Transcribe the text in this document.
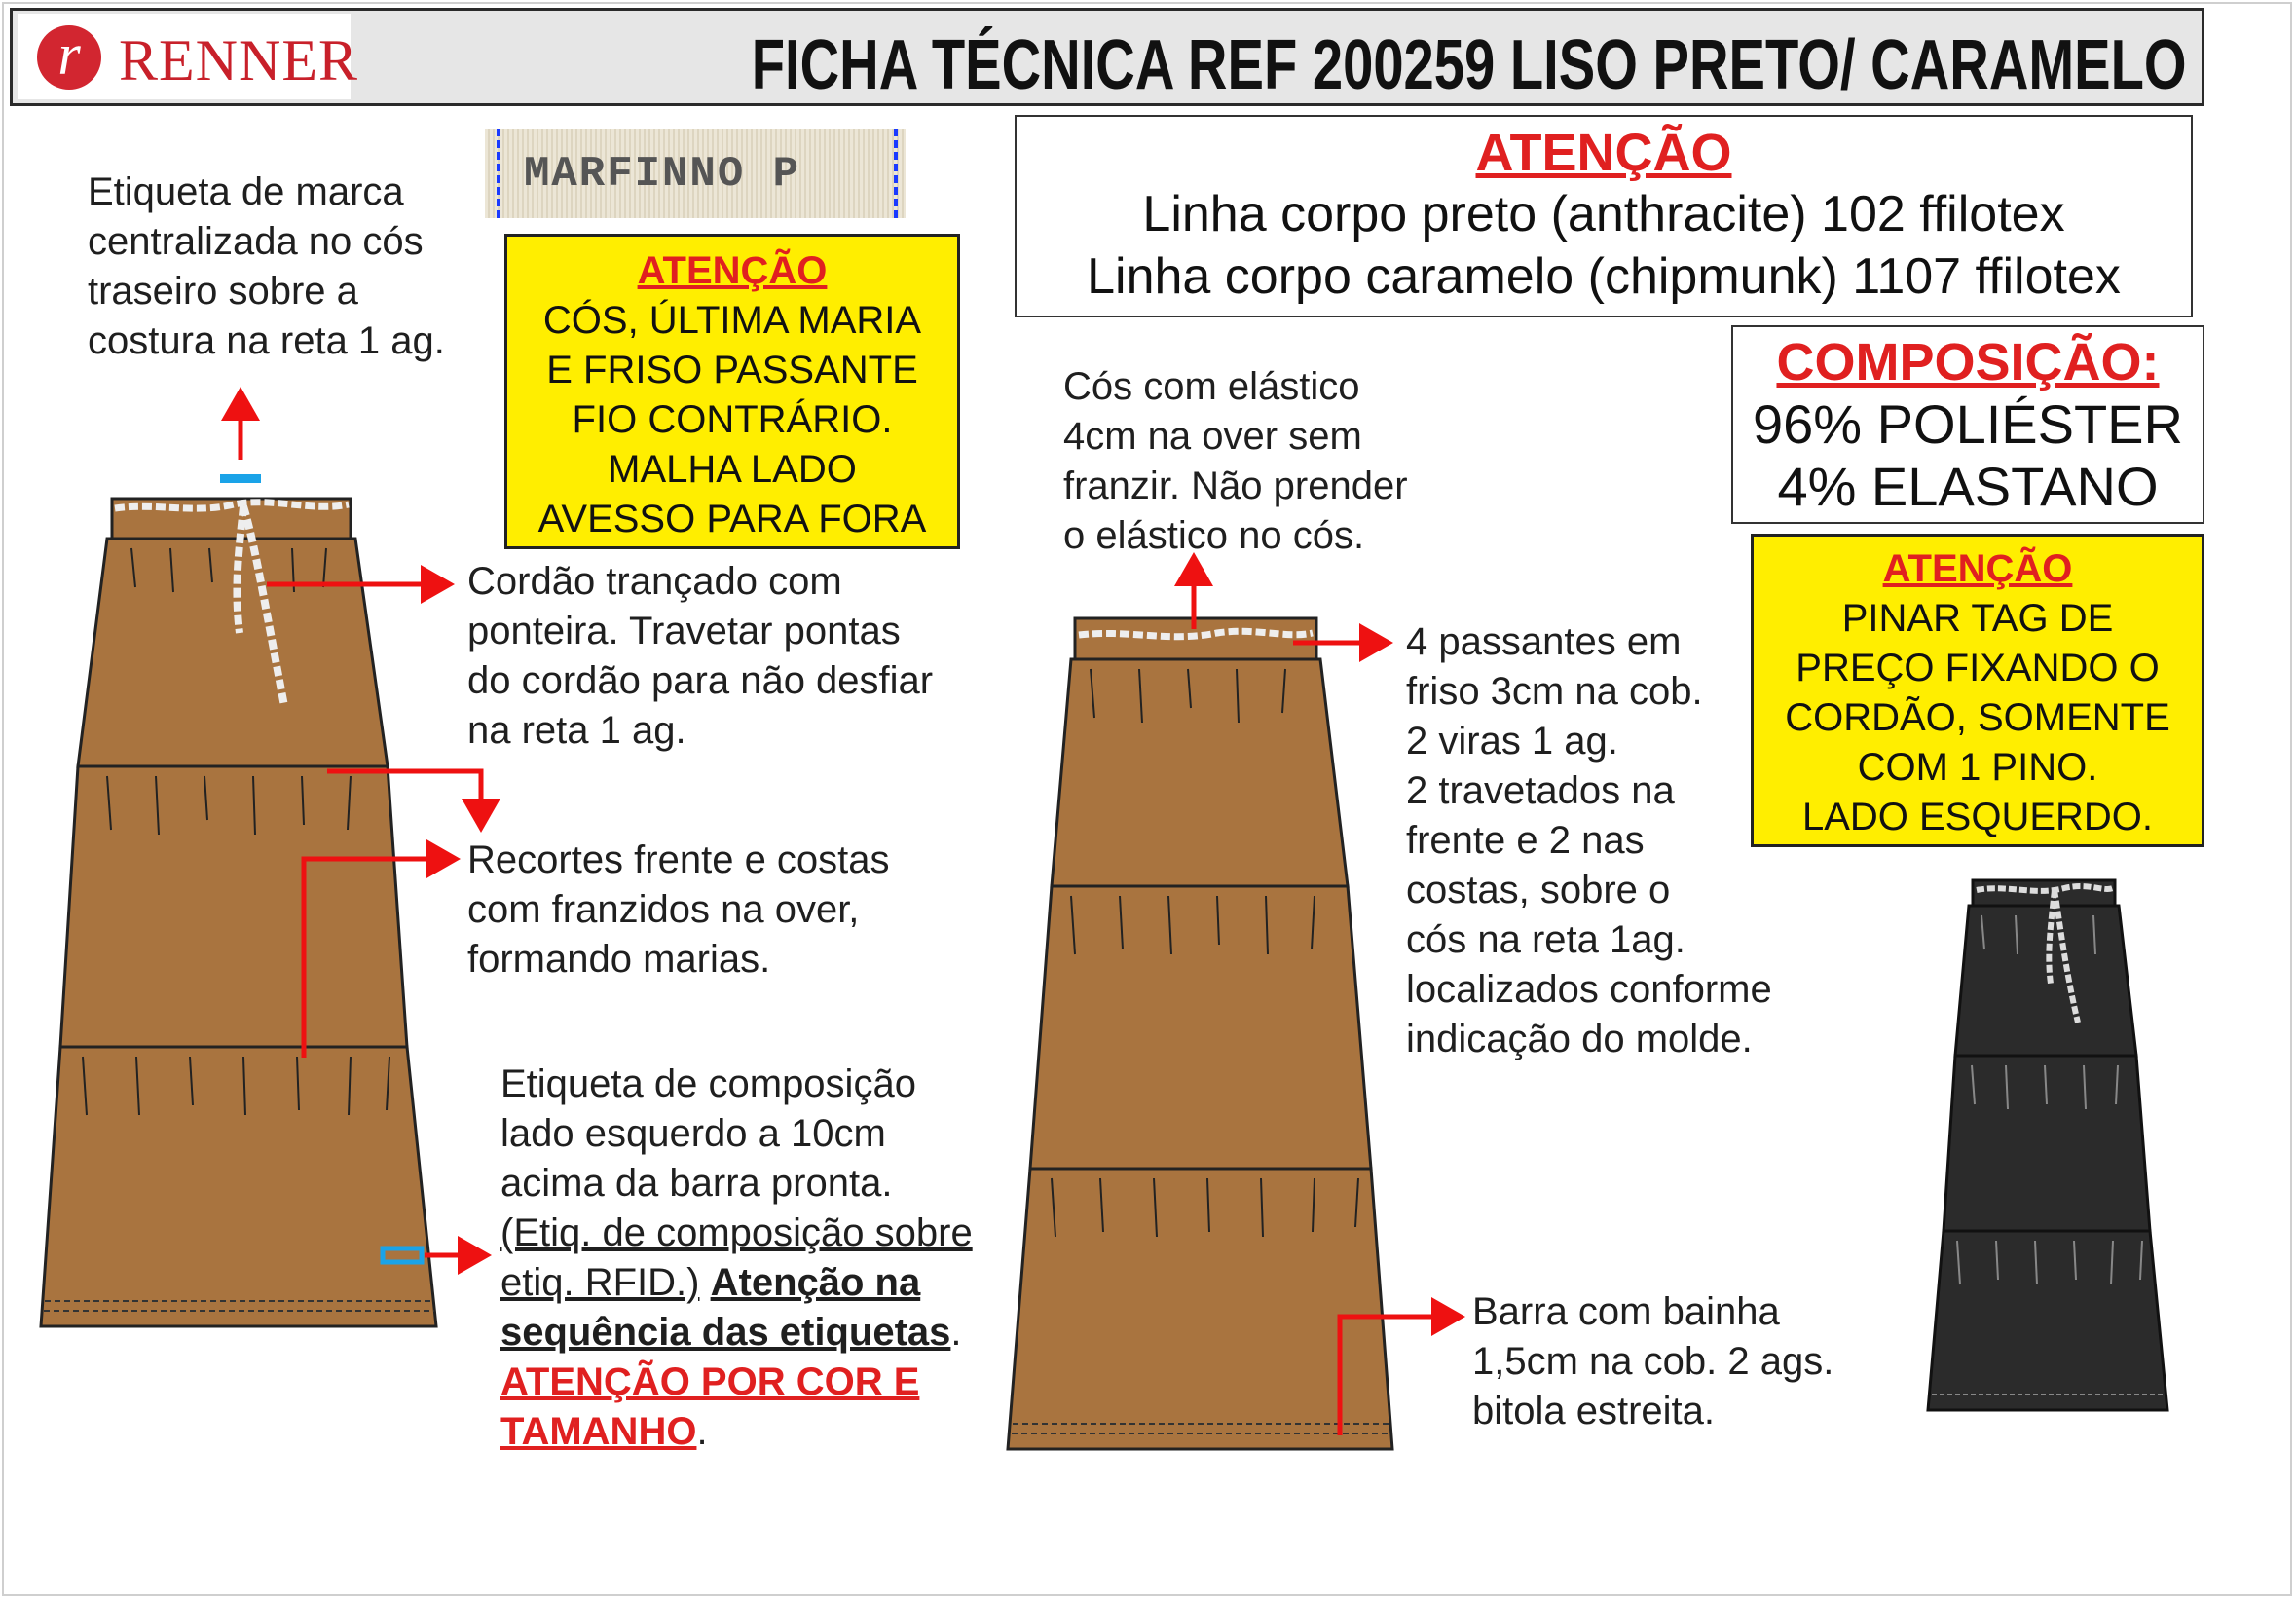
r RENNER	FICHA TÉCNICA REF 200259 LISO PRETO/ CARAMELO
MARFINNO P
Etiqueta de marca
centralizada no cós
traseiro sobre a
costura na reta 1 ag.
Cordão trançado com
ponteira. Travetar pontas
do cordão para não desfiar
na reta 1 ag.
Recortes frente e costas
com franzidos na over,
formando marias.
Cós com elástico
4cm na over sem
franzir. Não prender
o elástico no cós.
4 passantes em
friso 3cm na cob.
2 viras 1 ag.
2 travetados na
frente e 2 nas
costas, sobre o
cós na reta 1ag.
localizados conforme
indicação do molde.
Barra com bainha
1,5cm na cob. 2 ags.
bitola estreita.
Etiqueta de composição
lado esquerdo a 10cm
acima da barra pronta.
(Etiq. de composição sobre
etiq. RFID.) Atenção na
sequência das etiquetas.
ATENÇÃO POR COR E
TAMANHO.
ATENÇÃO
CÓS, ÚLTIMA MARIA
E FRISO PASSANTE
FIO CONTRÁRIO.
MALHA LADO
AVESSO PARA FORA
ATENÇÃO
Linha corpo preto (anthracite) 102 ffilotex
Linha corpo caramelo (chipmunk) 1107 ffilotex
COMPOSIÇÃO:
96% POLIÉSTER
4% ELASTANO
ATENÇÃO
PINAR TAG DE
PREÇO FIXANDO O
CORDÃO, SOMENTE
COM 1 PINO.
LADO ESQUERDO.
